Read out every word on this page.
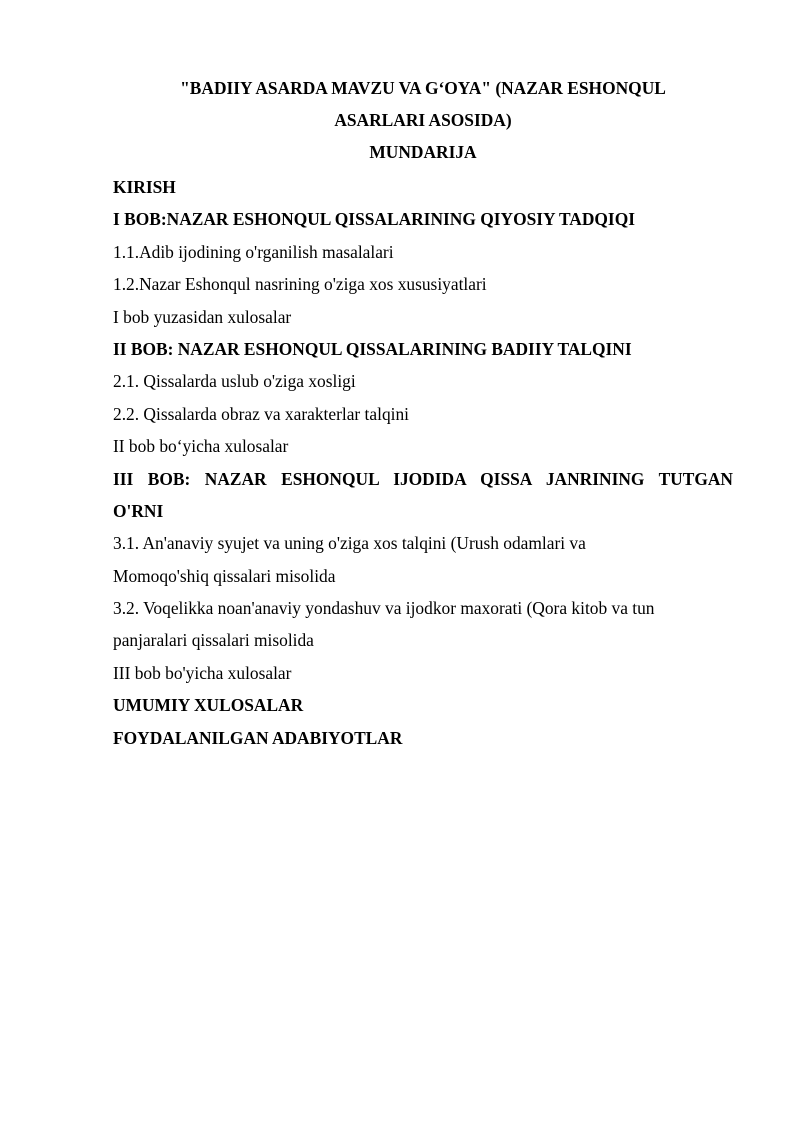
"BADIIY ASARDA MAVZU VA G‘OYA" (NAZAR ESHONQUL
ASARLARI ASOSIDA)
MUNDARIJA
KIRISH
I BOB:NAZAR ESHONQUL QISSALARINING QIYOSIY TADQIQI
1.1.Adib ijodining o'rganilish masalalari
1.2.Nazar Eshonqul nasrining o'ziga xos xususiyatlari
I bob yuzasidan xulosalar
II BOB: NAZAR ESHONQUL QISSALARINING BADIIY TALQINI
2.1. Qissalarda uslub o'ziga xosligi
2.2. Qissalarda obraz va xarakterlar talqini
II bob bo‘yicha xulosalar
III BOB: NAZAR ESHONQUL IJODIDA QISSA JANRINING TUTGAN
O'RNI
3.1. An'anaviy syujet va uning o'ziga xos talqini (Urush odamlari va
Momoqo'shiq qissalari misolida
3.2. Voqelikka noan'anaviy yondashuv va ijodkor maxorati (Qora kitob va tun
panjaralari qissalari misolida
III bob bo'yicha xulosalar
UMUMIY XULOSALAR
FOYDALANILGAN ADABIYOTLAR
